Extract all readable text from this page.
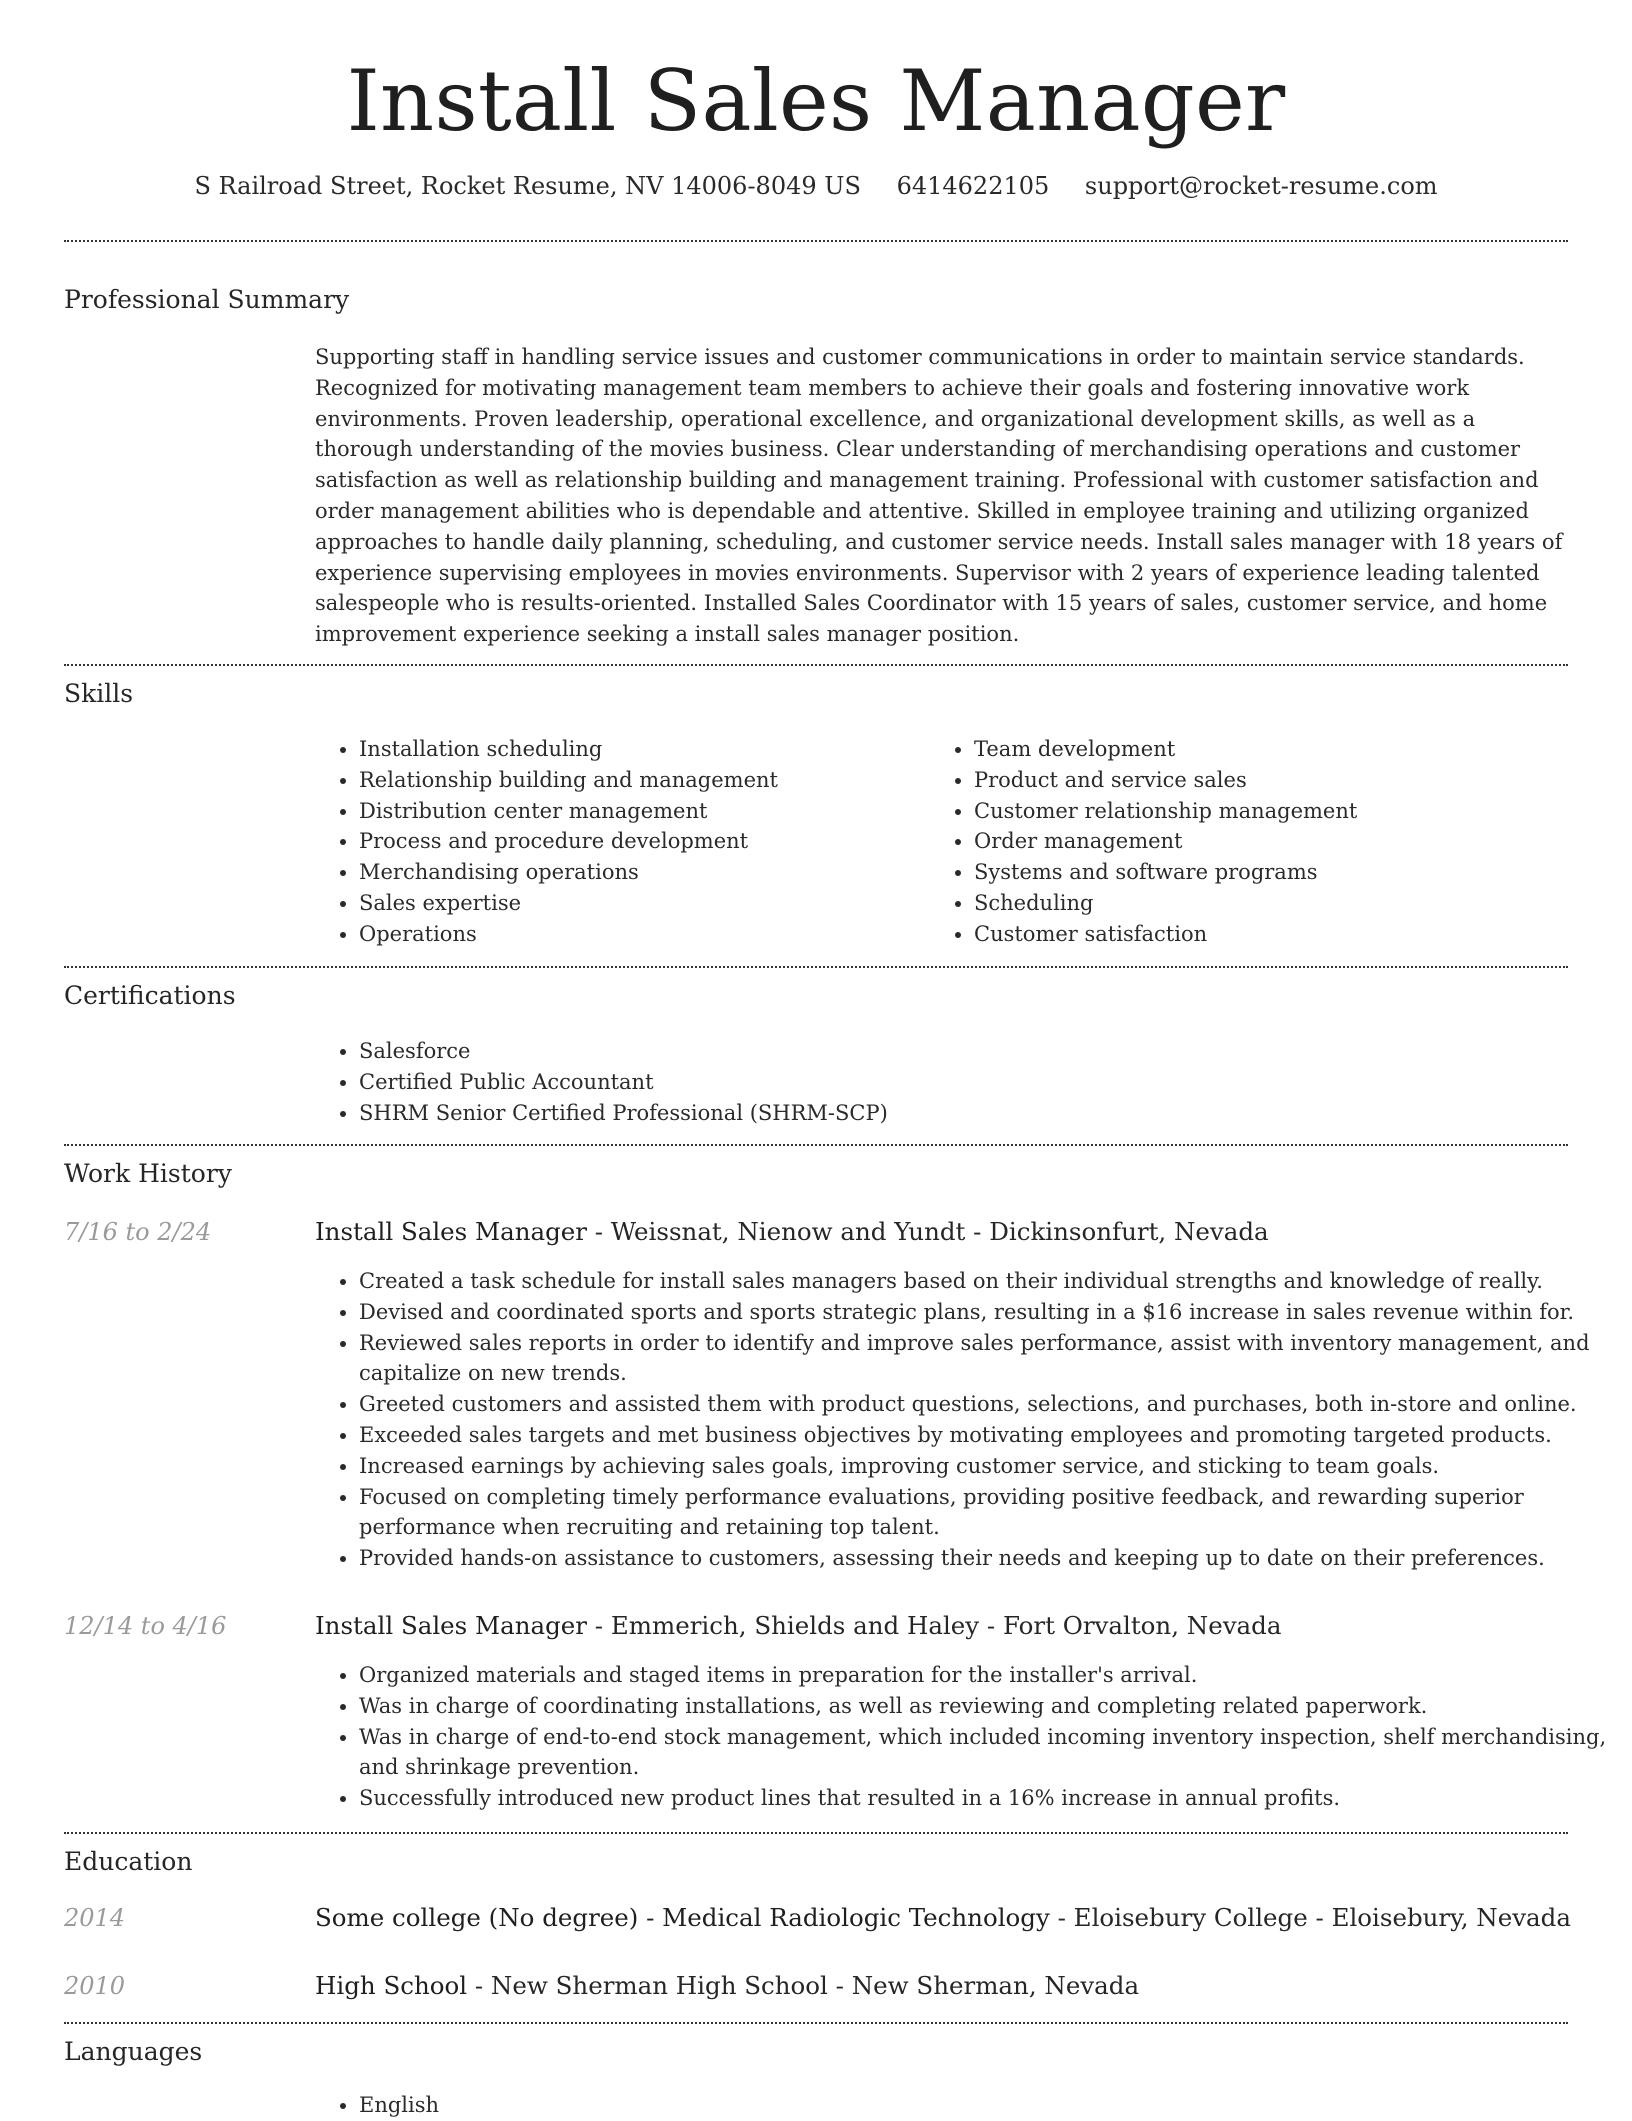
Install Sales Manager
S Railroad Street, Rocket Resume, NV 14006-8049 US 6414622105 support@rocket-resume.com
Professional Summary
Supporting staff in handling service issues and customer communications in order to maintain service standards. Recognized for motivating management team members to achieve their goals and fostering innovative work environments. Proven leadership, operational excellence, and organizational development skills, as well as a thorough understanding of the movies business. Clear understanding of merchandising operations and customer satisfaction as well as relationship building and management training. Professional with customer satisfaction and order management abilities who is dependable and attentive. Skilled in employee training and utilizing organized approaches to handle daily planning, scheduling, and customer service needs. Install sales manager with 18 years of experience supervising employees in movies environments. Supervisor with 2 years of experience leading talented salespeople who is results-oriented. Installed Sales Coordinator with 15 years of sales, customer service, and home improvement experience seeking a install sales manager position.
Skills
• Installation scheduling
• Relationship building and management
• Distribution center management
• Process and procedure development
• Merchandising operations
• Sales expertise
• Operations
• Team development
• Product and service sales
• Customer relationship management
• Order management
• Systems and software programs
• Scheduling
• Customer satisfaction
Certifications
• Salesforce
• Certified Public Accountant
• SHRM Senior Certified Professional (SHRM-SCP)
Work History
7/16 to 2/24	Install Sales Manager - Weissnat, Nienow and Yundt - Dickinsonfurt, Nevada
• Created a task schedule for install sales managers based on their individual strengths and knowledge of really.
• Devised and coordinated sports and sports strategic plans, resulting in a $16 increase in sales revenue within for.
• Reviewed sales reports in order to identify and improve sales performance, assist with inventory management, and capitalize on new trends.
• Greeted customers and assisted them with product questions, selections, and purchases, both in-store and online.
• Exceeded sales targets and met business objectives by motivating employees and promoting targeted products.
• Increased earnings by achieving sales goals, improving customer service, and sticking to team goals.
• Focused on completing timely performance evaluations, providing positive feedback, and rewarding superior performance when recruiting and retaining top talent.
• Provided hands-on assistance to customers, assessing their needs and keeping up to date on their preferences.
12/14 to 4/16	Install Sales Manager - Emmerich, Shields and Haley - Fort Orvalton, Nevada
• Organized materials and staged items in preparation for the installer's arrival.
• Was in charge of coordinating installations, as well as reviewing and completing related paperwork.
• Was in charge of end-to-end stock management, which included incoming inventory inspection, shelf merchandising, and shrinkage prevention.
• Successfully introduced new product lines that resulted in a 16% increase in annual profits.
Education
2014	Some college (No degree) - Medical Radiologic Technology - Eloisebury College - Eloisebury, Nevada
2010	High School - New Sherman High School - New Sherman, Nevada
Languages
• English
